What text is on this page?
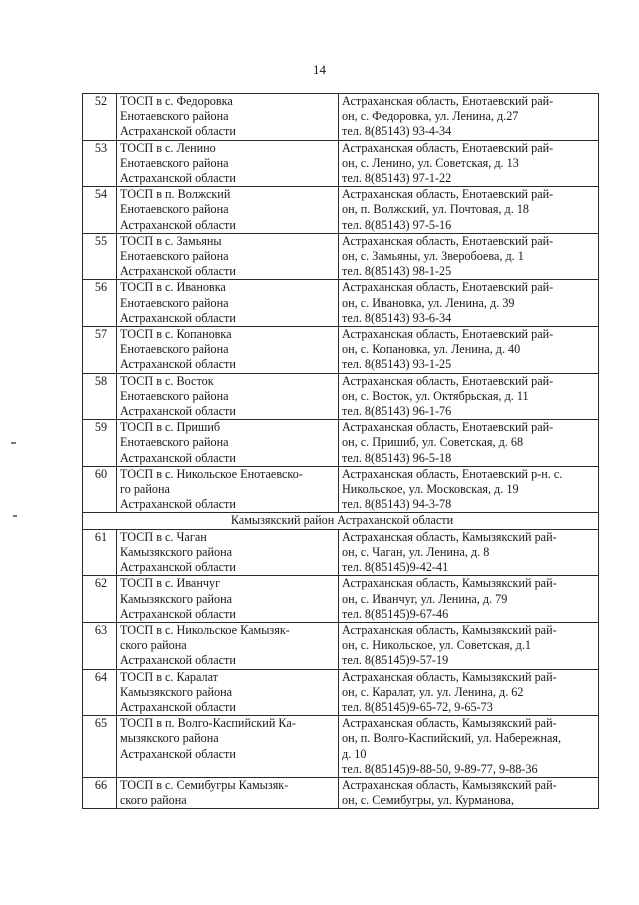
14
52	ТОСП в с. Федоровка
Енотаевского района
Астраханской области	Астраханская область, Енотаевский рай-
он, с. Федоровка, ул. Ленина, д.27
тел. 8(85143) 93-4-34

53	ТОСП в с. Ленино
Енотаевского района
Астраханской области	Астраханская область, Енотаевский рай-
он, с. Ленино, ул. Советская, д. 13
тел. 8(85143) 97-1-22

54	ТОСП в п. Волжский
Енотаевского района
Астраханской области	Астраханская область, Енотаевский рай-
он, п. Волжский, ул. Почтовая, д. 18
тел. 8(85143) 97-5-16

55	ТОСП в с. Замьяны
Енотаевского района
Астраханской области	Астраханская область, Енотаевский рай-
он, с. Замьяны, ул. Зверобоева, д. 1
тел. 8(85143) 98-1-25

56	ТОСП в с. Ивановка
Енотаевского района
Астраханской области	Астраханская область, Енотаевский рай-
он, с. Ивановка, ул. Ленина, д. 39
тел. 8(85143) 93-6-34

57	ТОСП в с. Копановка
Енотаевского района
Астраханской области	Астраханская область, Енотаевский рай-
он, с. Копановка, ул. Ленина, д. 40
тел. 8(85143) 93-1-25

58	ТОСП в с. Восток
Енотаевского района
Астраханской области	Астраханская область, Енотаевский рай-
он, с. Восток, ул. Октябрьская, д. 11
тел. 8(85143) 96-1-76

59	ТОСП в с. Пришиб
Енотаевского района
Астраханской области	Астраханская область, Енотаевский рай-
он, с. Пришиб, ул. Советская, д. 68
тел. 8(85143) 96-5-18

60	ТОСП в с. Никольское Енотаевско-
го района
Астраханской области	Астраханская область, Енотаевский р-н. с.
Никольское, ул. Московская, д. 19
тел. 8(85143) 94-3-78

Камызякский район Астраханской области		
61	ТОСП в с. Чаган
Камызякского района
Астраханской области	Астраханская область, Камызякский рай-
он, с. Чаган, ул. Ленина, д. 8
тел. 8(85145)9-42-41

62	ТОСП в с. Иванчуг
Камызякского района
Астраханской области	Астраханская область, Камызякский рай-
он, с. Иванчуг, ул. Ленина, д. 79
тел. 8(85145)9-67-46

63	ТОСП в с. Никольское Камызяк-
ского района
Астраханской области	Астраханская область, Камызякский рай-
он, с. Никольское, ул. Советская, д.1
тел. 8(85145)9-57-19

64	ТОСП в с. Каралат
Камызякского района
Астраханской области	Астраханская область, Камызякский рай-
он, с. Каралат, ул. ул. Ленина, д. 62
тел. 8(85145)9-65-72, 9-65-73

65	ТОСП в п. Волго-Каспийский Ка-
мызякского района
Астраханской области	Астраханская область, Камызякский рай-
он, п. Волго-Каспийский, ул. Набережная,
д. 10
тел. 8(85145)9-88-50, 9-89-77, 9-88-36

66	ТОСП в с. Семибугры Камызяк-
ского района	Астраханская область, Камызякский рай-
он, с. Семибугры, ул. Курманова,
